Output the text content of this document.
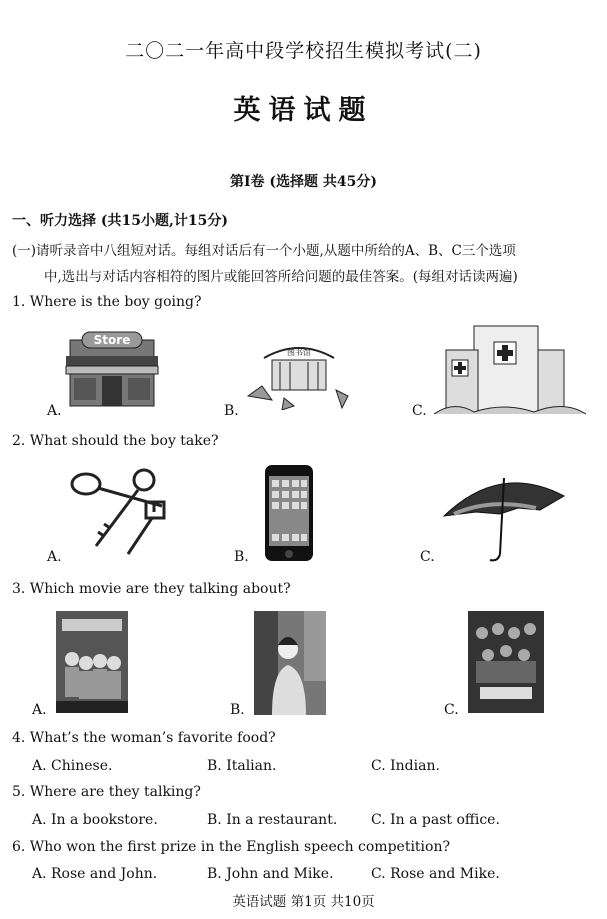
二〇二一年高中段学校招生模拟考试(二)
英语试题
第Ⅰ卷 (选择题 共45分)
一、听力选择 (共15小题,计15分)
(一)请听录音中八组短对话。每组对话后有一个小题,从题中所给的A、B、C三个选项
中,选出与对话内容相符的图片或能回答所给问题的最佳答案。(每组对话读两遍)
1. Where is the boy going?
Store
图书馆
A.	B.	C.
2. What should the boy take?
A.	B.	C.
3. Which movie are they talking about?
A.	B.	C.
4. What’s the woman’s favorite food?
A. Chinese.	B. Italian.	C. Indian.
5. Where are they talking?
A. In a bookstore.	B. In a restaurant. C. In a past office.
6. Who won the first prize in the English speech competition?
A. Rose and John.	B. John and Mike.	C. Rose and Mike.
英语试题 第1页 共10页
